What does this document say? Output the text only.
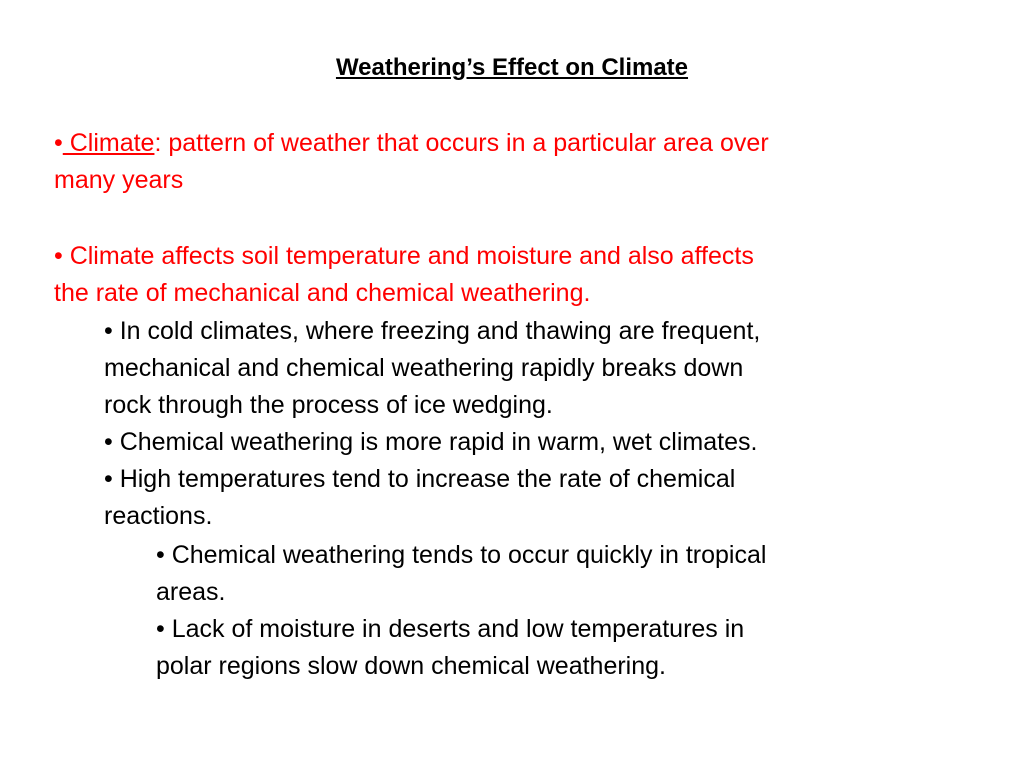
Weathering’s Effect on Climate

• Climate: pattern of weather that occurs in a particular area over
many years

• Climate affects soil temperature and moisture and also affects
the rate of mechanical and chemical weathering.

• In cold climates, where freezing and thawing are frequent,
mechanical and chemical weathering rapidly breaks down
rock through the process of ice wedging.
• Chemical weathering is more rapid in warm, wet climates.
• High temperatures tend to increase the rate of chemical
reactions.
• Chemical weathering tends to occur quickly in tropical
areas.
• Lack of moisture in deserts and low temperatures in
polar regions slow down chemical weathering.
